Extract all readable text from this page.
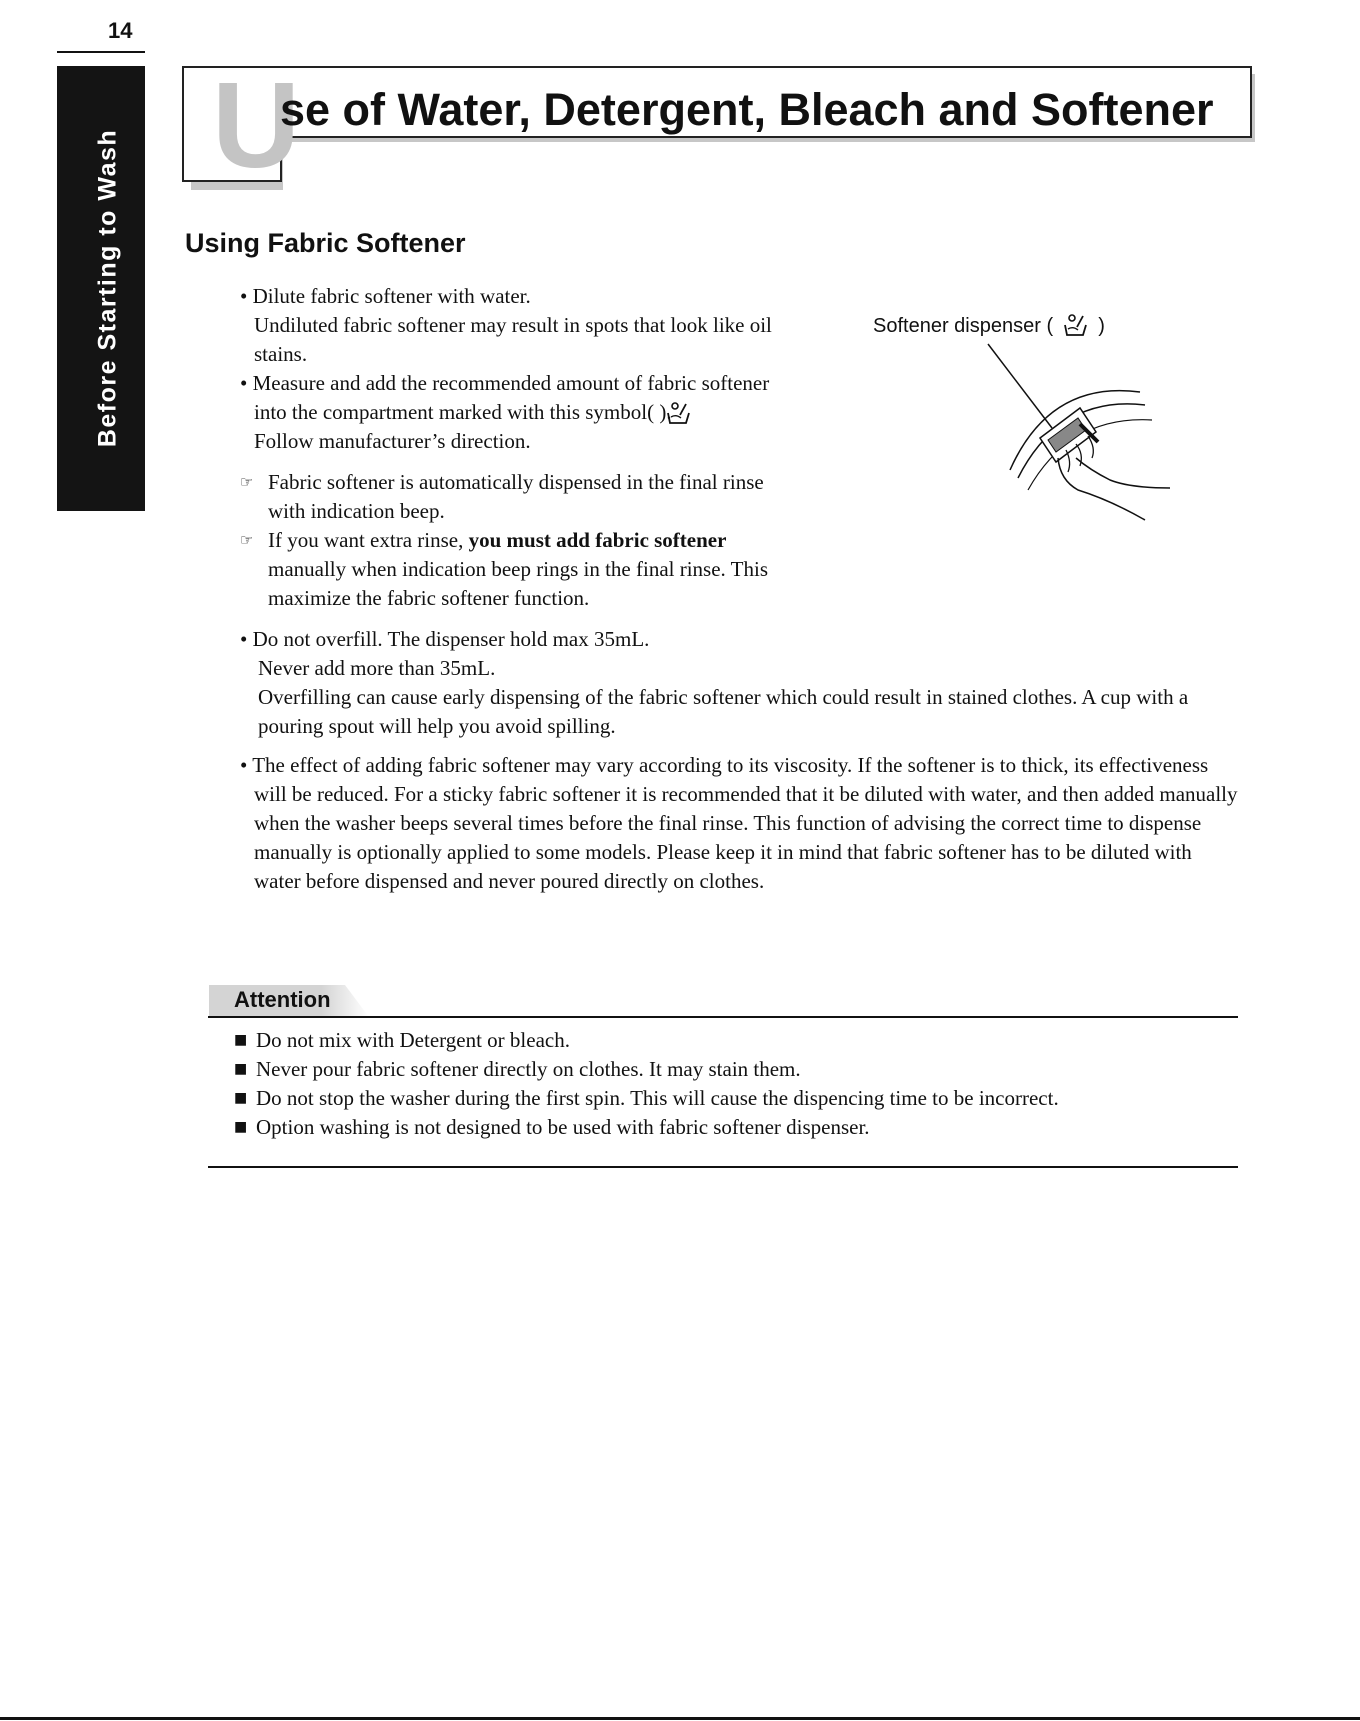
14
Before Starting to Wash
U
se of Water, Detergent, Bleach and Softener
Using Fabric Softener

• Dilute fabric softener with water.

Undiluted fabric softener may result in spots that look like oil

stains.

• Measure and add the recommended amount of fabric softener

into the compartment marked with this symbol( ).

Follow manufacturer’s direction.

☞ Fabric softener is automatically dispensed in the final rinse with indication beep.
☞ If you want extra rinse, you must add fabric softener manually when indication beep rings in the final rinse. This maximize the fabric softener function.

• Do not overfill. The dispenser hold max 35mL.

Never add more than 35mL.

Overfilling can cause early dispensing of the fabric softener which could result in stained clothes. A cup with a pouring spout will help you avoid spilling.

• The effect of adding fabric softener may vary according to its viscosity. If the softener is to thick, its effectiveness

will be reduced. For a sticky fabric softener it is recommended that it be diluted with water, and then added manually when the washer beeps several times before the final rinse. This function of advising the correct time to dispense manually is optionally applied to some models. Please keep it in mind that fabric softener has to be diluted with water before dispensed and never poured directly on clothes.

Softener dispenser ( )
Attention
■ Do not mix with Detergent or bleach.
■ Never pour fabric softener directly on clothes. It may stain them.
■ Do not stop the washer during the first spin. This will cause the dispencing time to be incorrect.
■ Option washing is not designed to be used with fabric softener dispenser.
